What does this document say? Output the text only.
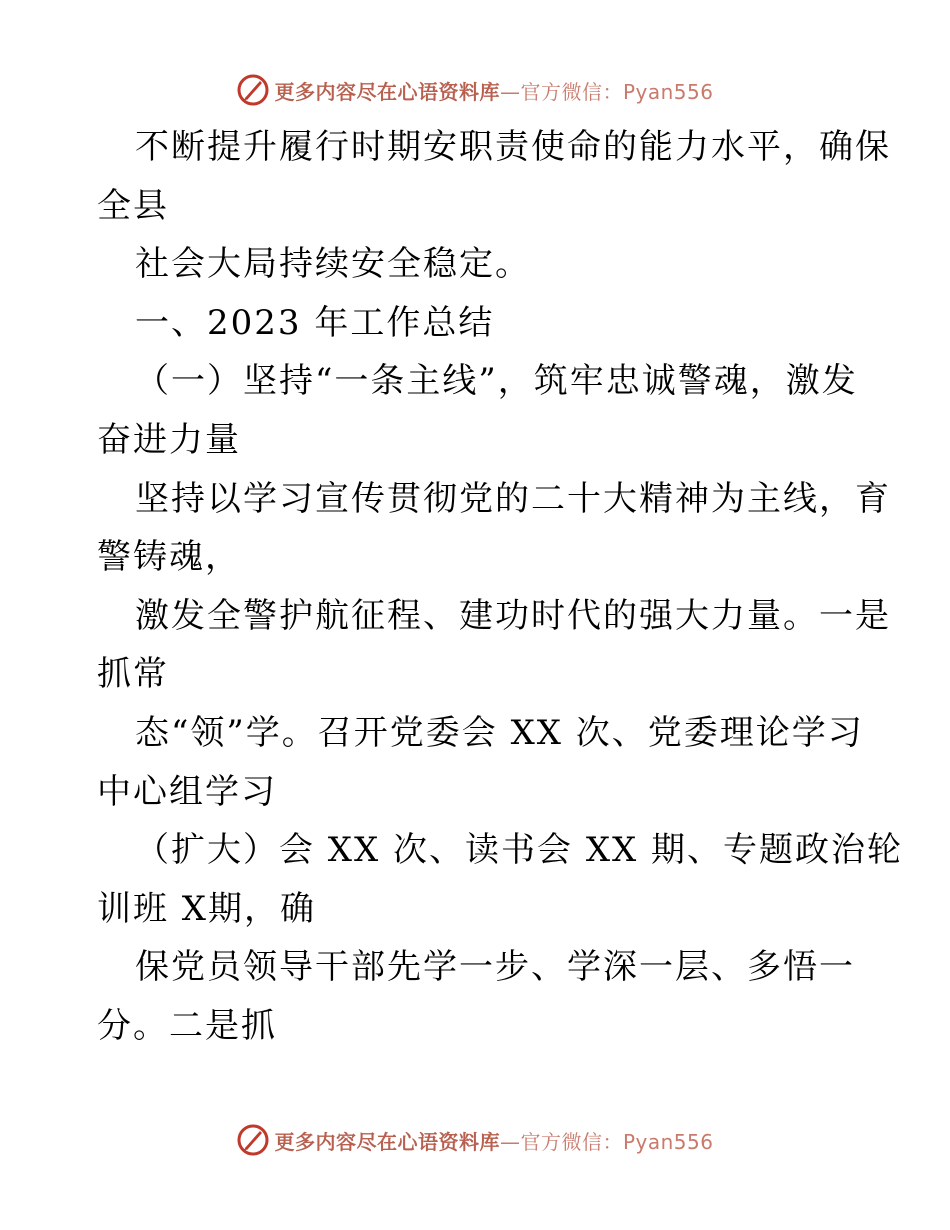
更多内容尽在心语资料库—官方微信：Pyan556
不断提升履行时期安职责使命的能力水平，确保
全县
社会大局持续安全稳定。
一、2023 年工作总结
（一）坚持“一条主线”，筑牢忠诚警魂，激发
奋进力量
坚持以学习宣传贯彻党的二十大精神为主线，育
警铸魂，
激发全警护航征程、建功时代的强大力量。一是
抓常
态“领”学。召开党委会 XX 次、党委理论学习
中心组学习
（扩大）会 XX 次、读书会 XX 期、专题政治轮
训班 X期，确
保党员领导干部先学一步、学深一层、多悟一
分。二是抓
更多内容尽在心语资料库—官方微信：Pyan556
